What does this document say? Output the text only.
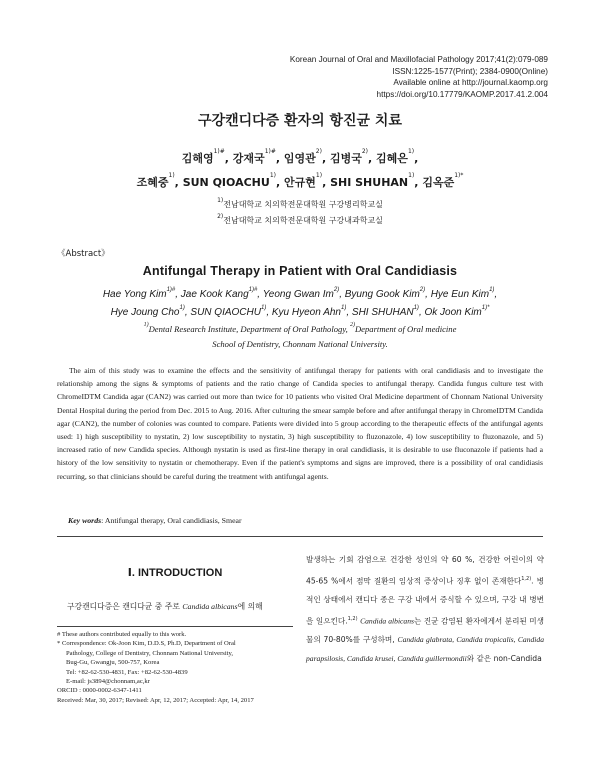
Korean Journal of Oral and Maxillofacial Pathology 2017;41(2):079-089
ISSN:1225-1577(Print); 2384-0900(Online)
Available online at http://journal.kaomp.org
https://doi.org/10.17779/KAOMP.2017.41.2.004
구강캔디다증 환자의 항진균 치료
김해영$^{1)\#}$, 강재국$^{1)\#}$, 임영관$^{2)}$, 김병국$^{2)}$, 김혜은$^{1)}$,
조혜중$^{1)}$, SUN QIOACHU$^{1)}$, 안규현$^{1)}$, SHI SHUHAN$^{1)}$, 김옥준$^{1)*}$
$^{1)}$전남대학교 치의학전문대학원 구강병리학교실
$^{2)}$전남대학교 치의학전문대학원 구강내과학교실
《Abstract》
Antifungal Therapy in Patient with Oral Candidiasis
Hae Yong Kim$^{1)\#}$, Jae Kook Kang$^{1)\#}$, Yeong Gwan Im$^{2)}$, Byung Gook Kim$^{2)}$, Hye Eun Kim$^{1)}$,
Hye Joung Cho$^{1)}$, SUN QIAOCHU$^{1)}$, Kyu Hyeon Ahn$^{1)}$, SHI SHUHAN$^{1)}$, Ok Joon Kim$^{1)*}$
$^{1)}$Dental Research Institute, Department of Oral Pathology, $^{2)}$Department of Oral medicine
School of Dentistry, Chonnam National University.

The aim of this study was to examine the effects and the sensitivity of antifungal therapy for patients with oral candidiasis and to investigate the relationship among the signs & symptoms of patients and the ratio change of Candida species to antifungal therapy. Candida fungus culture test with ChromeIDTM Candida agar (CAN2) was carried out more than twice for 10 patients who visited Oral Medicine department of Chonnam National University Dental Hospital during the period from Dec. 2015 to Aug. 2016. After culturing the smear sample before and after antifungal therapy in ChromeIDTM Candida agar (CAN2), the number of colonies was counted to compare. Patients were divided into 5 group according to the therapeutic effects of the antifungal agents used: 1) high susceptibility to nystatin, 2) low susceptibility to nystatin, 3) high susceptibility to fluzonazole, 4) low susceptibility to fluzonazole, and 5) increased ratio of new Candida species. Although nystatin is used as first-line therapy in oral candidiasis, it is desirable to use fluconazole if patients had a history of the low sensitivity to nystatin or chemotherapy. Even if the patient's symptoms and signs are improved, there is a possibility of oral candidiasis recurring, so that clinicians should be careful during the treatment with antifungal agents.

Key words: Antifungal therapy, Oral candidiasis, Smear
Ⅰ. INTRODUCTION

구강캔디다증은 캔디다균 중 주로 Candida albicans에 의해

# These authors contributed equally to this work.
* Correspondence: Ok-Joon Kim, D.D.S, Ph.D, Department of Oral
Pathology, College of Dentistry, Chonnam National University,
Bug-Gu, Gwangju, 500-757, Korea
Tel: +82-62-530-4831, Fax: +82-62-530-4839
E-mail: js3894@chonnam,ac,kr
ORCID : 0000-0002-6347-1411
Received: Mar, 30, 2017; Revised: Apr, 12, 2017; Accepted: Apr, 14, 2017

발생하는 기회 감염으로 건강한 성인의 약 60 %, 건강한 어린이의 약 45-65 %에서 점막 질환의 임상적 증상이나 징후 없이 존재한다$^{1,2)}$. 병적인 상태에서 캔디다 종은 구강 내에서 증식할 수 있으며, 구강 내 병변을 일으킨다.$^{1,2)}$ Candida albicans는 진균 감염된 환자에게서 분리된 미생물의 70-80%를 구성하며, Candida glabrata, Candida tropicalis, Candida parapsilosis, Candida krusei, Candida guillermondii와 같은 non-Candida
